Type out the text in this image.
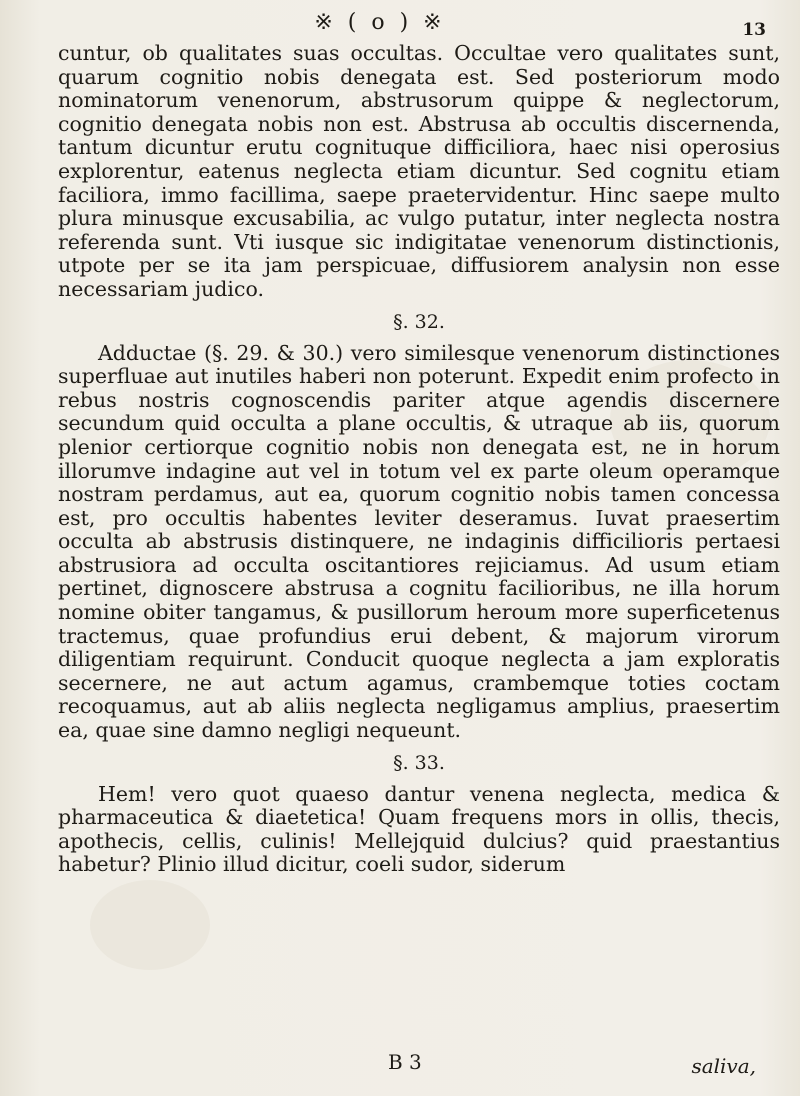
※ ( o ) ※	13

cuntur, ob qualitates suas occultas. Occultae vero qualitates sunt, quarum cognitio nobis denegata est. Sed posteriorum modo nominatorum venenorum, abstrusorum quippe & neglectorum, cognitio denegata nobis non est. Abstrusa ab occultis discernenda, tantum dicuntur erutu cognituque difficiliora, haec nisi operosius explorentur, eatenus neglecta etiam dicuntur. Sed cognitu etiam faciliora, immo facillima, saepe praetervidentur. Hinc saepe multo plura minusque excusabilia, ac vulgo putatur, inter neglecta nostra referenda sunt. Vti iusque sic indigitatae venenorum distinctionis, utpote per se ita jam perspicuae, diffusiorem analysin non esse necessariam judico.

§. 32.

Adductae (§. 29. & 30.) vero similesque venenorum distinctiones superfluae aut inutiles haberi non poterunt. Expedit enim profecto in rebus nostris cognoscendis pariter atque agendis discernere secundum quid occulta a plane occultis, & utraque ab iis, quorum plenior certiorque cognitio nobis non denegata est, ne in horum illorumve indagine aut vel in totum vel ex parte oleum operamque nostram perdamus, aut ea, quorum cognitio nobis tamen concessa est, pro occultis habentes leviter deseramus. Iuvat praesertim occulta ab abstrusis distinquere, ne indaginis difficilioris pertaesi abstrusiora ad occulta oscitantiores rejiciamus. Ad usum etiam pertinet, dignoscere abstrusa a cognitu facilioribus, ne illa horum nomine obiter tangamus, & pusillorum heroum more superficetenus tractemus, quae profundius erui debent, & majorum virorum diligentiam requirunt. Conducit quoque neglecta a jam exploratis secernere, ne aut actum agamus, crambemque toties coctam recoquamus, aut ab aliis neglecta negligamus amplius, praesertim ea, quae sine damno negligi nequeunt.

§. 33.

Hem! vero quot quaeso dantur venena neglecta, medica & pharmaceutica & diaetetica! Quam frequens mors in ollis, thecis, apothecis, cellis, culinis! Mellejquid dulcius? quid praestantius habetur? Plinio illud dicitur, coeli sudor, siderum

B 3	saliva,
